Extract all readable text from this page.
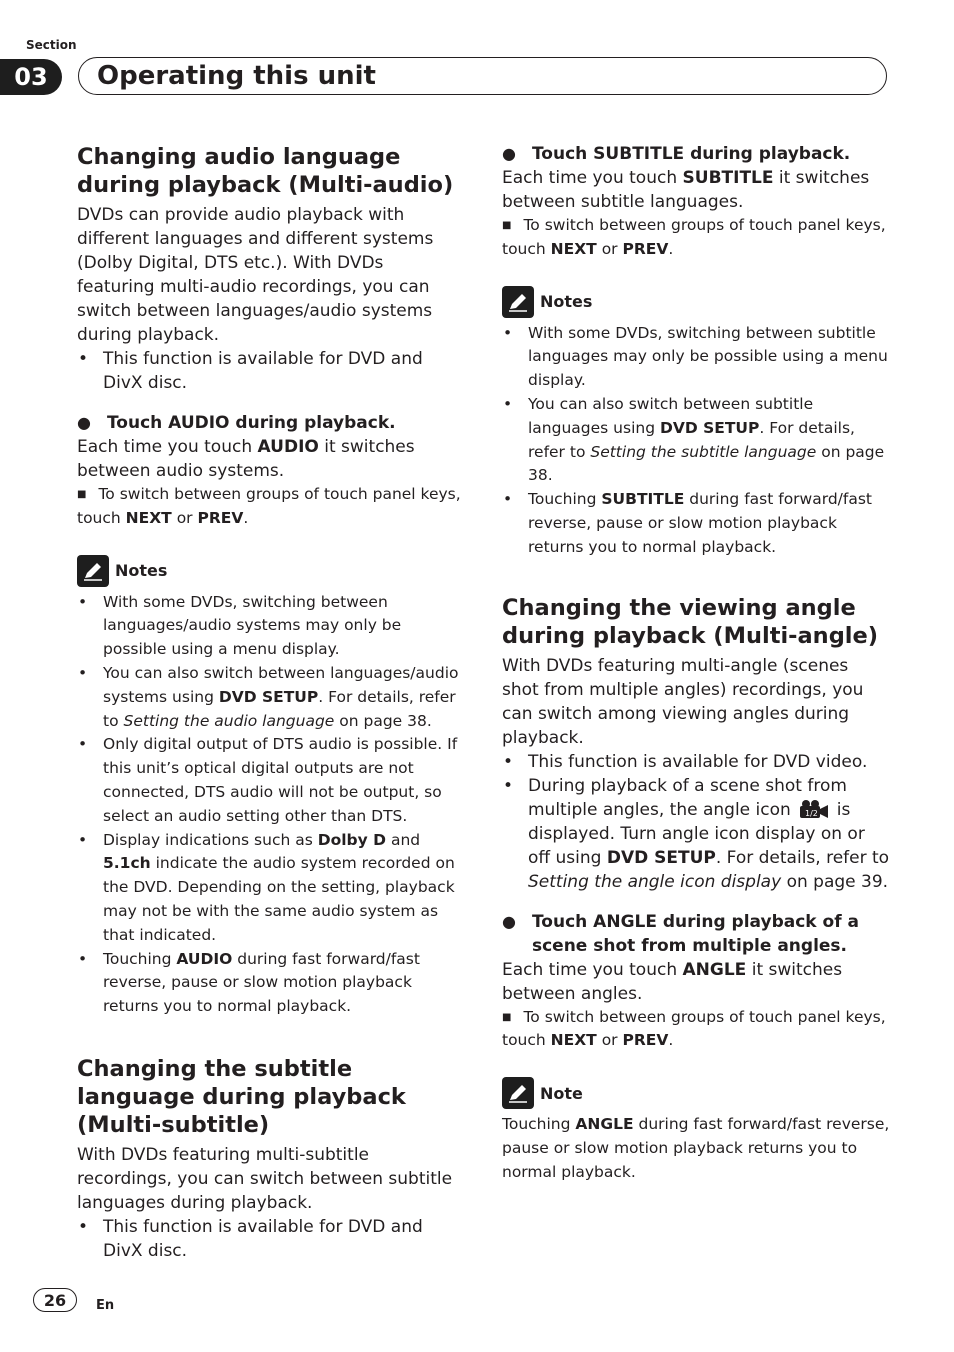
Section
03	Operating this unit
Changing audio language during playback (Multi-audio)

DVDs can provide audio playback with different languages and different systems (Dolby Digital, DTS etc.). With DVDs featuring multi-audio recordings, you can switch between languages/audio systems during playback.

• This function is available for DVD and DivX disc.
● Touch AUDIO during playback.

Each time you touch AUDIO it switches between audio systems.

■ To switch between groups of touch panel keys, touch NEXT or PREV.
Notes
• With some DVDs, switching between languages/audio systems may only be possible using a menu display.
• You can also switch between languages/audio systems using DVD SETUP. For details, refer to Setting the audio language on page 38.
• Only digital output of DTS audio is possible. If this unit’s optical digital outputs are not connected, DTS audio will not be output, so select an audio setting other than DTS.
• Display indications such as Dolby D and 5.1ch indicate the audio system recorded on the DVD. Depending on the setting, playback may not be with the same audio system as that indicated.
• Touching AUDIO during fast forward/fast reverse, pause or slow motion playback returns you to normal playback.
Changing the subtitle language during playback (Multi-subtitle)

With DVDs featuring multi-subtitle recordings, you can switch between subtitle languages during playback.

• This function is available for DVD and DivX disc.
● Touch SUBTITLE during playback.

Each time you touch SUBTITLE it switches between subtitle languages.

■ To switch between groups of touch panel keys, touch NEXT or PREV.
Notes
• With some DVDs, switching between subtitle languages may only be possible using a menu display.
• You can also switch between subtitle languages using DVD SETUP. For details, refer to Setting the subtitle language on page 38.
• Touching SUBTITLE during fast forward/fast reverse, pause or slow motion playback returns you to normal playback.
Changing the viewing angle during playback (Multi-angle)

With DVDs featuring multi-angle (scenes shot from multiple angles) recordings, you can switch among viewing angles during playback.

• This function is available for DVD video.
• During playback of a scene shot from multiple angles, the angle icon 1/2 is displayed. Turn angle icon display on or off using DVD SETUP. For details, refer to Setting the angle icon display on page 39.
● Touch ANGLE during playback of a scene shot from multiple angles.

Each time you touch ANGLE it switches between angles.

■ To switch between groups of touch panel keys, touch NEXT or PREV.
Note

Touching ANGLE during fast forward/fast reverse, pause or slow motion playback returns you to normal playback.

26	En
